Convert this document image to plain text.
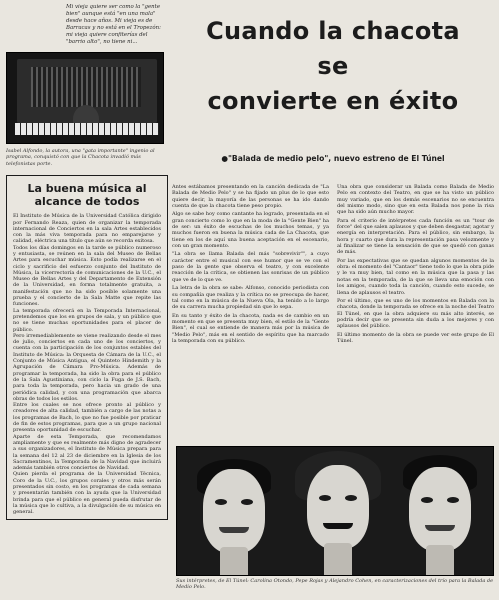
Mi vieja quiere ser como la "gente bien" aunque está "en una mala" desde hace años. Mi vieja es de Barracas y no está en el Tropezón: mi vieja quiere confiterías del "barrio alto", no tiene ni...
Isabel Alfondo, la autora, una "gata importante" ingenio al programa, conquistó con que la Chacota invadió más telefonistas porte.
La buena música al alcance de todos

El Instituto de Música de la Universidad Católica dirigido por Fernando Reaza, quien de organizar la temporada internacional de Conciertos en la sala Artes establecidos con la más viva temporada para no emparejarse y calidad, eléctrica una título que aún se recorda exitosa.

Todos los días domingos en la tarde se público numeroso y entusiasta, se reúnen en la sala del Museo de Bellas Artes para escuchar música. Esto podía realizarse en el ciclo y sacrificio del esfuerzo conjunto del Instituto de Música, la vicerrectoría de comunicaciones de la U.C., el Museo de Bellas Artes y del Departamento de Extensión de la Universidad, en forma totalmente gratuita, a manifestación que no ha sido posible solamente una prueba y el concierto de la Sala Matte que repite las funciones.

La temporada ofrecerá en la Temporada Internacional, pretendemos que los en grupos de sala, y un público que no se tiene muchas oportunidades para el placer de público.

Pero irremediablemente se viene realizando desde el mes de julio, conciertos en cada uno de los conciertos, y cuenta con la participación de los conjuntos estables del Instituto de Música: la Orquesta de Cámara de la U.C., el Conjunto de Música Antigua, el Quinteto Hindemith y la Agrupación de Cámara Pro-Música. Además de programar la temporada, ha sido la obra para el público de la Sala Agustiniana, con ciclo la Fuga de J.S. Bach, para toda la temporada, pero hacia un grado de una periódica calidad, y con una programación que abarca obras de todos los estilos.

Entre los cuales se nos ofrece pronto al público y creadores de alta calidad, también a cargo de las notas a los programas de Bach, lo que no fue posible por praticar de fin de estos programas, para que a un grupo nacional presenta oportunidad de escuchar.

Aparte de esta Temporada, que recomendamos ampliamente y que es realmente más digno de agradecer a sus organizadores, el Instituto de Música prepara para la semana del 12 al 23 de diciembre en la Iglesia de los Sacramentinos, la Temporada de la Navidad que incluirá además también otros conciertos de Navidad.

Quien pierda el programa de la Universidad Técnica, Coro de la U.C., los grupos corales y otros más serán presentados sin costo, en los programas de cada semana y presentarán también con la ayuda que la Universidad brinda para que el público en general pueda disfrutar de la música que lo cultiva, a la divulgación de su música en general.

Cuando la chacota
se
convierte en éxito
●"Balada de medio pelo", nuevo estreno de El Túnel

Antes estábamos presentando en la canción dedicada de "La Balada de Medio Pelo" y se ha fijado un plus de lo que esto quiere decir, la mayoría de las personas se ha ido dando cuenta de que la chacota tiene peso propio.

Algo se sabe hoy como cantante ha logrado, presentada en el gran concierto como lo que en la moda de la "Gente Bien" ha de ser: un éxito de escuchas de los muchos temas, y ya muchos fueron en buena la música cada de La Chacota, que tiene en los de aquí una buena aceptación en el escenario, con un gran momento.

"La obra se llama Balada del más "sobrevivir"", a cuyo carácter entre el musical con ese humor que se ve con el paso de la gente que observa el teatro, y con excelente reacción de la crítica, se obtienen las sonrisas de un público que ve de lo que ve.

La letra de la obra se sabe: Alfonso, conocido periodista con su compañía que realiza y la crítica no se preocupa de hacer, tal como en la música de la Nueva Ola, ha tenido a lo largo de su carrera mucha propiedad sin que lo sepa.

En su tanto y éxito de la chacota, nada es de cambio en un momento en que se presenta muy bien, el estilo de la "Gente Bien", el cual se entiende de manera más por la música de "Medio Pelo", más en el sentido de espíritu que ha marcado la temporada con su público.

Una obra que considerar un Balada como Balada de Medio Pelo en contexto del Teatro, en que se ha visto un público muy variado, que en los demás escenarios no se encuentra del mismo modo, sino que en esta Balada nos pone la risa que ha sido aún mucho mayor.

Para el criterio de intérpretes cada función es un "tour de force" del que salen aplausos y que deben desgastar, agotar y energía en interpretación. Para el público, sin embargo, la hora y cuarto que dura la representación pasa velozmente y al finalizar se tiene la sensación de que se quedó con ganas de más.

Por las expectativas que se quedan algunos momentos de la obra: el momento del "Cantaor" tiene todo lo que la obra pide y le va muy bien, tal como en la música que la pasa y las notas en la temporada, de la que se lleva una emoción con los amigos, cuando toda la canción, cuando esto sucede, se llena de aplausos el teatro.

Por el último, que es uno de los momentos en Balada con la chacota, donde la temporada se ofrece en la noche del Teatro El Túnel, en que la obra adquiere su más alto interés, se podría decir que se presenta sin duda a los mejores y con aplausos del público.

El último momento de la obra se puede ver este grupo de El Túnel.

Sus intérpretes, de El Túnel: Carolina Otondo, Pepe Rojas y Alejandro Cohen, en caracterizaciones del trío para la Balada de Medio Pelo.
